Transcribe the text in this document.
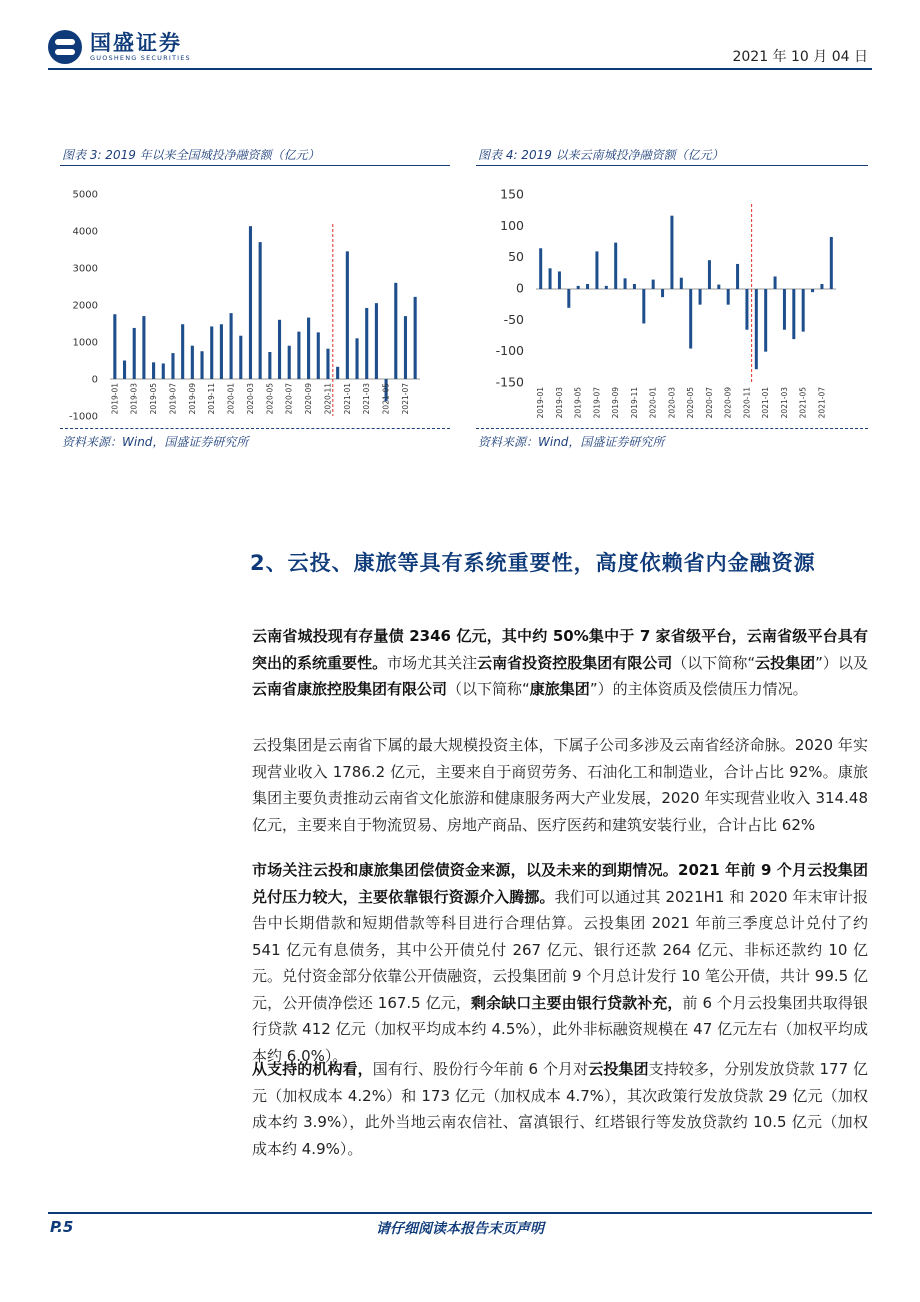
国盛证券
GUOSHENG SECURITIES	2021 年 10 月 04 日
图表 3: 2019 年以来全国城投净融资额（亿元）
-1000
0
1000
2000
3000
4000
5000
2019-01 2019-03 2019-05 2019-07 2019-09 2019-11 2020-01 2020-03 2020-05 2020-07 2020-09 2020-11 2021-01 2021-03 2021-05 2021-07
资料来源：Wind，国盛证券研究所
图表 4: 2019 以来云南城投净融资额（亿元）
-150
-100
-50
0
50
100
150
2019-01 2019-03 2019-05 2019-07 2019-09 2019-11 2020-01 2020-03 2020-05 2020-07 2020-09 2020-11 2021-01 2021-03 2021-05 2021-07
资料来源：Wind，国盛证券研究所
2、云投、康旅等具有系统重要性，高度依赖省内金融资源
云南省城投现有存量债 2346 亿元，其中约 50%集中于 7 家省级平台，云南省级平台具有突出的系统重要性。市场尤其关注云南省投资控股集团有限公司（以下简称“云投集团”）以及云南省康旅控股集团有限公司（以下简称“康旅集团”）的主体资质及偿债压力情况。
云投集团是云南省下属的最大规模投资主体，下属子公司多涉及云南省经济命脉。2020 年实现营业收入 1786.2 亿元，主要来自于商贸劳务、石油化工和制造业，合计占比 92%。康旅集团主要负责推动云南省文化旅游和健康服务两大产业发展，2020 年实现营业收入 314.48 亿元，主要来自于物流贸易、房地产商品、医疗医药和建筑安装行业，合计占比 62%
市场关注云投和康旅集团偿债资金来源，以及未来的到期情况。2021 年前 9 个月云投集团兑付压力较大，主要依靠银行资源介入腾挪。我们可以通过其 2021H1 和 2020 年末审计报告中长期借款和短期借款等科目进行合理估算。云投集团 2021 年前三季度总计兑付了约 541 亿元有息债务，其中公开债兑付 267 亿元、银行还款 264 亿元、非标还款约 10 亿元。兑付资金部分依靠公开债融资，云投集团前 9 个月总计发行 10 笔公开债，共计 99.5 亿元，公开债净偿还 167.5 亿元，剩余缺口主要由银行贷款补充，前 6 个月云投集团共取得银行贷款 412 亿元（加权平均成本约 4.5%），此外非标融资规模在 47 亿元左右（加权平均成本约 6.0%）。
从支持的机构看，国有行、股份行今年前 6 个月对云投集团支持较多，分别发放贷款 177 亿元（加权成本 4.2%）和 173 亿元（加权成本 4.7%），其次政策行发放贷款 29 亿元（加权成本约 3.9%），此外当地云南农信社、富滇银行、红塔银行等发放贷款约 10.5 亿元（加权成本约 4.9%）。
P.5	请仔细阅读本报告末页声明
